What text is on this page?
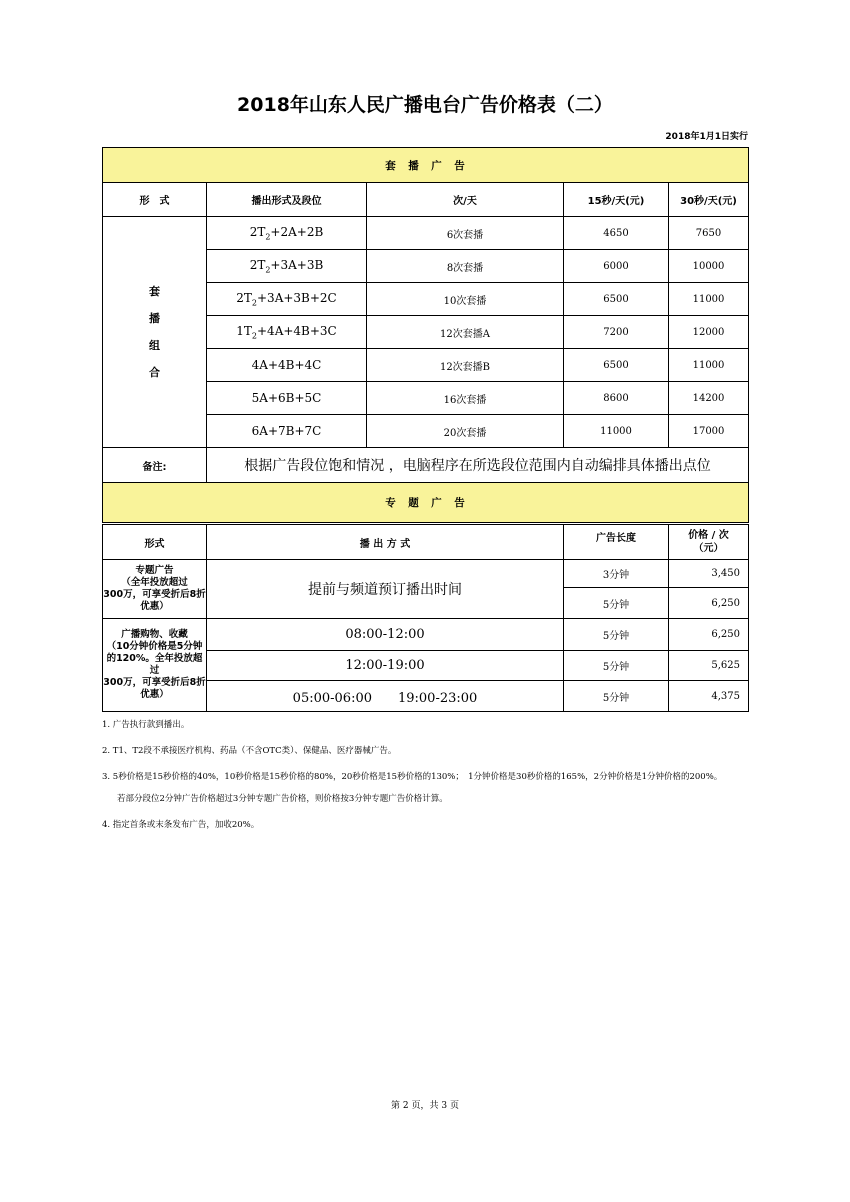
2018年山东人民广播电台广告价格表（二）
2018年1月1日实行
套　播　广　告				
形　式	播出形式及段位	次/天	15秒/天(元)	30秒/天(元)

套
播
组
合	$2T_2+2A+2B$	6次套播	4650	7650
	$2T_2+3A+3B$	8次套播	6000	10000
	$2T_2+3A+3B+2C$	10次套播	6500	11000
	$1T_2+4A+4B+3C$	12次套播A	7200	12000
	4A+4B+4C	12次套播B	6500	11000
	5A+6B+5C	16次套播	8600	14200
	6A+7B+7C	20次套播	11000	17000
备注:	根据广告段位饱和情况 ，电脑程序在所选段位范围内自动编排具体播出点位			
专　题　广　告				
形式	播 出 方 式	广告长度	价格 / 次
（元）
专题广告
（全年投放超过
300万，可享受折后8折
优惠）	提前与频道预订播出时间	3分钟	3,450
		5分钟	6,250
广播购物、收藏
（10分钟价格是5分钟
的120%。全年投放超过
300万，可享受折后8折
优惠）	08:00-12:00	5分钟	6,250
	12:00-19:00	5分钟	5,625
	05:00-06:00　　19:00-23:00	5分钟	4,375
1. 广告执行款到播出。
2. T1、T2段不承接医疗机构、药品（不含OTC类）、保健品、医疗器械广告。
3. 5秒价格是15秒价格的40%，10秒价格是15秒价格的80%，20秒价格是15秒价格的130%；　1分钟价格是30秒价格的165%，2分钟价格是1分钟价格的200%。
若部分段位2分钟广告价格超过3分钟专题广告价格，则价格按3分钟专题广告价格计算。
4. 指定首条或末条发布广告，加收20%。
第 2 页，共 3 页
